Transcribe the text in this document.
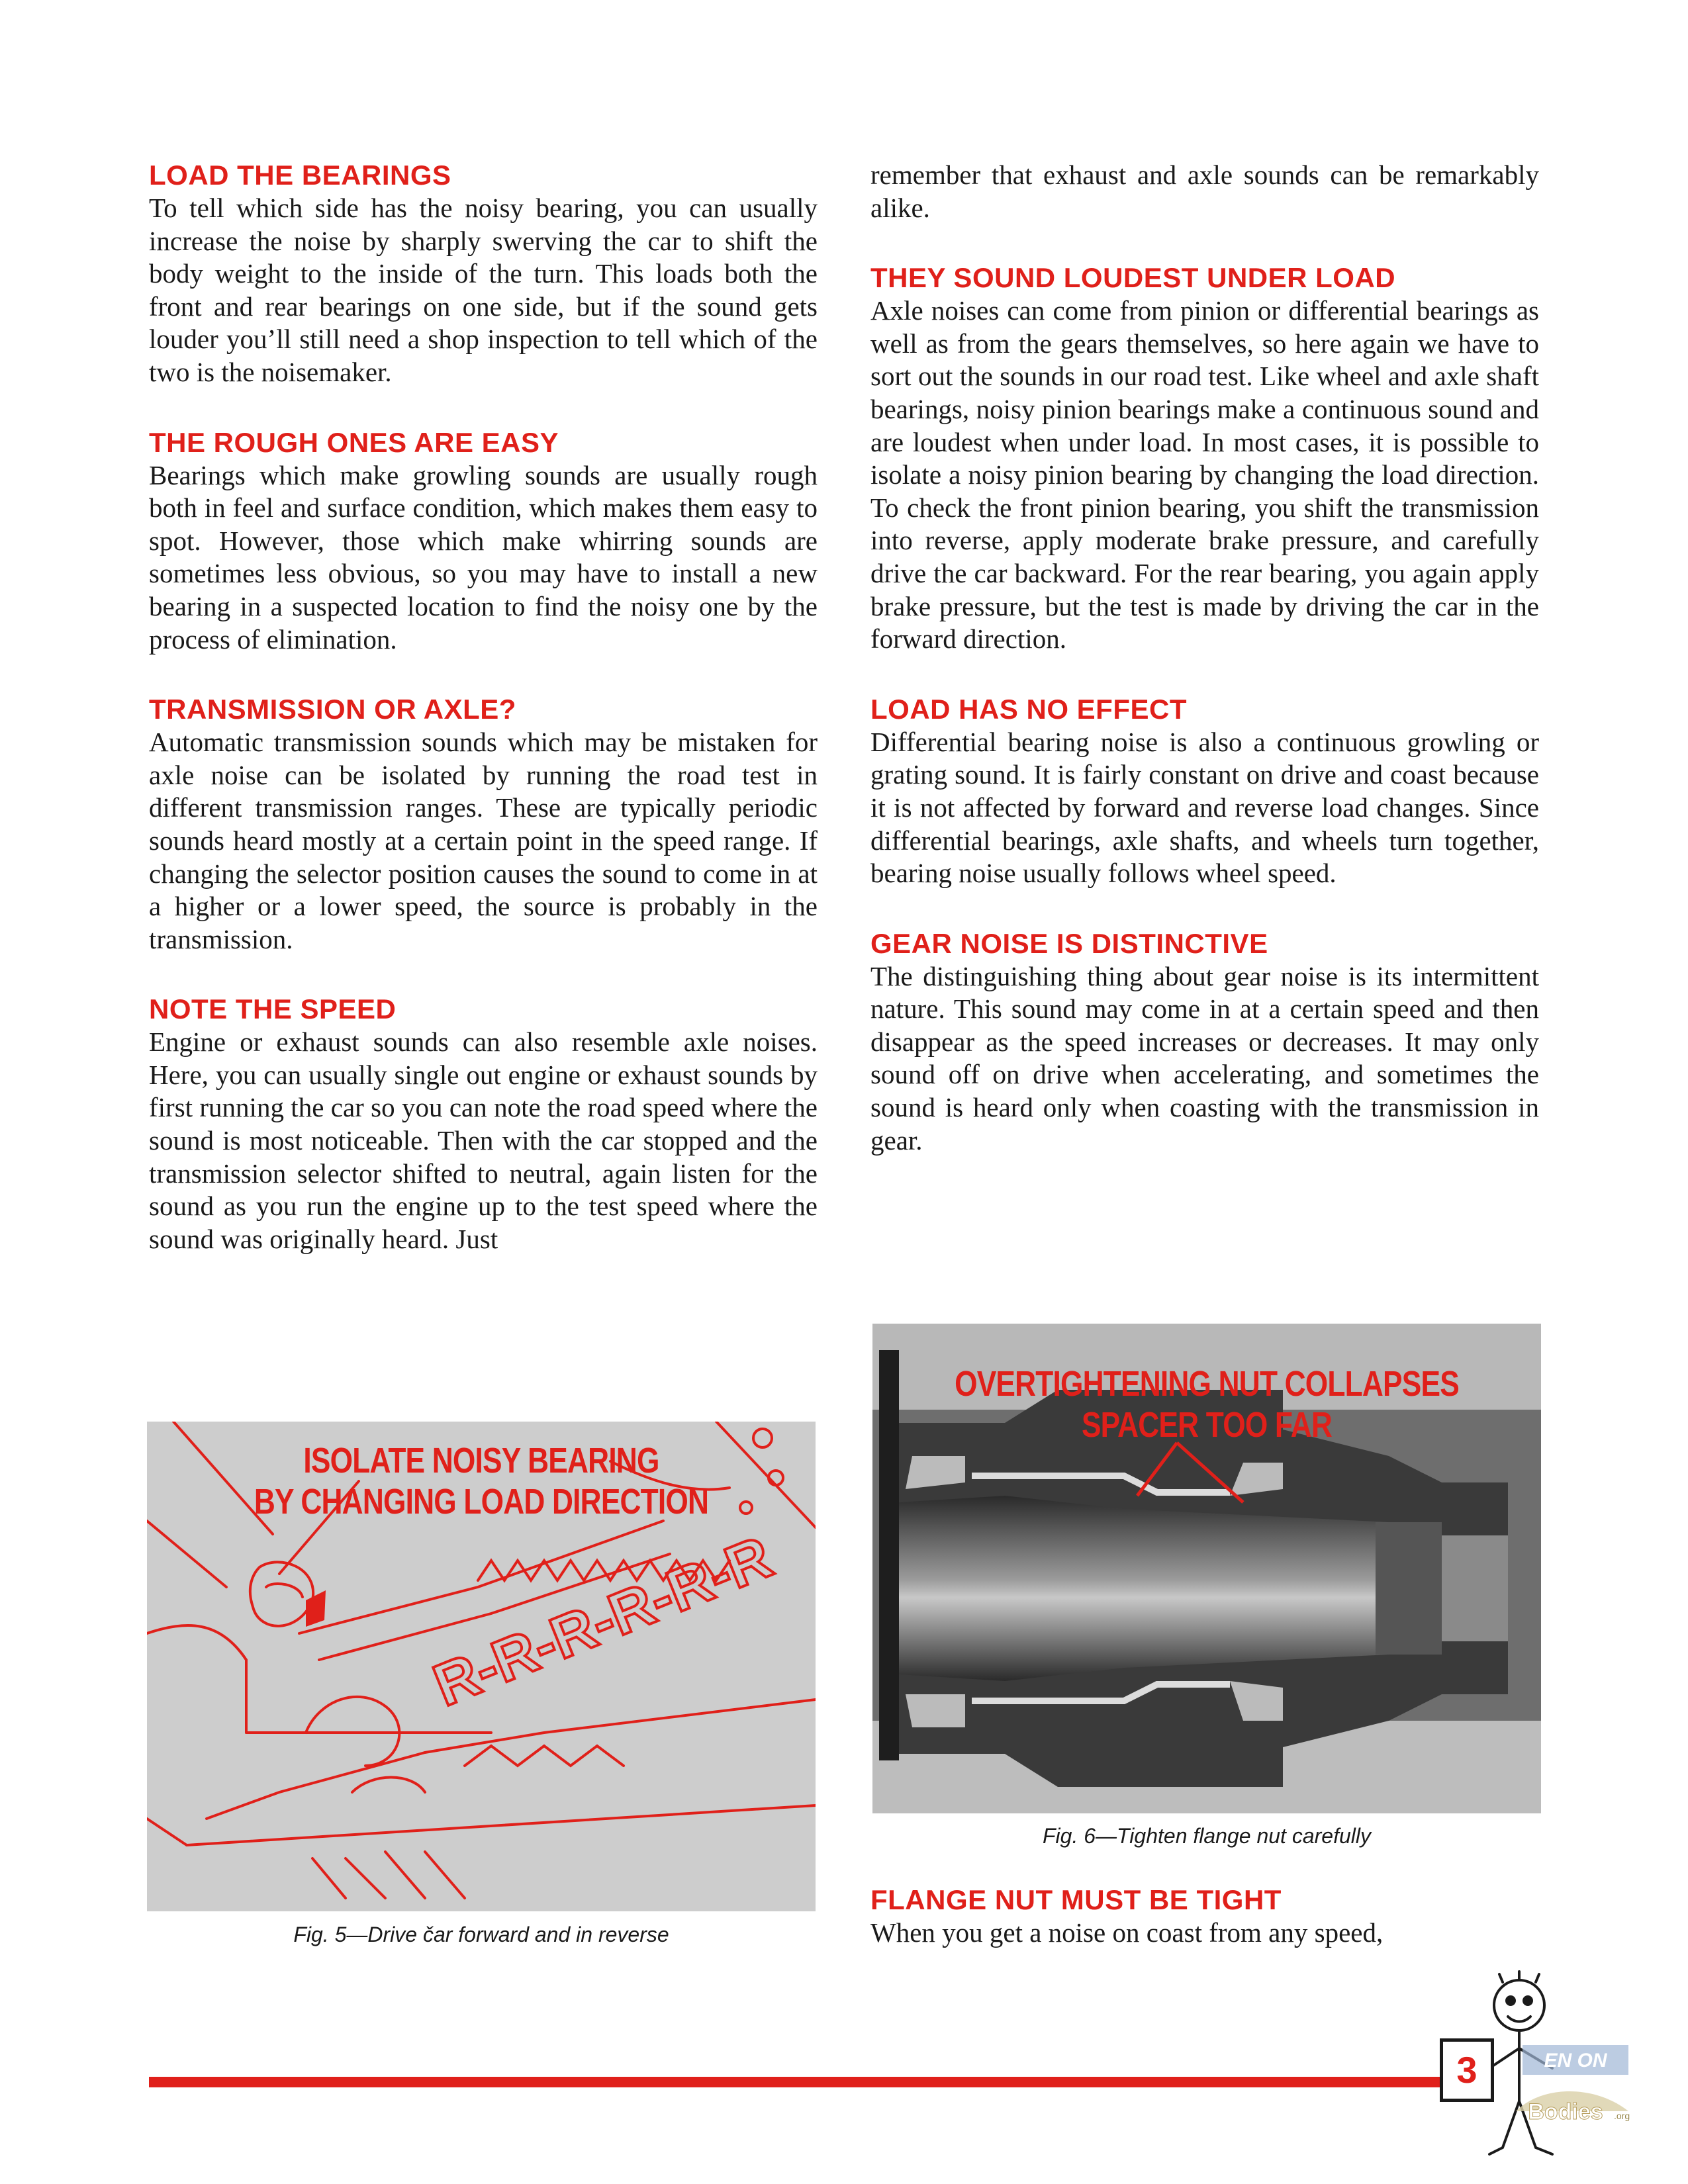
LOAD THE BEARINGS

To tell which side has the noisy bearing, you can usually increase the noise by sharply swerving the car to shift the body weight to the inside of the turn. This loads both the front and rear bearings on one side, but if the sound gets louder you’ll still need a shop inspection to tell which of the two is the noisemaker.

THE ROUGH ONES ARE EASY

Bearings which make growling sounds are usually rough both in feel and surface condition, which makes them easy to spot. However, those which make whirring sounds are sometimes less obvious, so you may have to install a new bearing in a suspected location to find the noisy one by the process of elimination.

TRANSMISSION OR AXLE?

Automatic transmission sounds which may be mistaken for axle noise can be isolated by running the road test in different transmission ranges. These are typically periodic sounds heard mostly at a certain point in the speed range. If changing the selector position causes the sound to come in at a higher or a lower speed, the source is probably in the transmission.

NOTE THE SPEED

Engine or exhaust sounds can also resemble axle noises. Here, you can usually single out engine or exhaust sounds by first running the car so you can note the road speed where the sound is most noticeable. Then with the car stopped and the transmission selector shifted to neutral, again listen for the sound as you run the engine up to the test speed where the sound was originally heard. Just

remember that exhaust and axle sounds can be remarkably alike.

THEY SOUND LOUDEST UNDER LOAD

Axle noises can come from pinion or differential bearings as well as from the gears themselves, so here again we have to sort out the sounds in our road test. Like wheel and axle shaft bearings, noisy pinion bearings make a continuous sound and are loudest when under load. In most cases, it is possible to isolate a noisy pinion bearing by changing the load direction. To check the front pinion bearing, you shift the transmission into reverse, apply moderate brake pressure, and carefully drive the car backward. For the rear bearing, you again apply brake pressure, but the test is made by driving the car in the forward direction.

LOAD HAS NO EFFECT

Differential bearing noise is also a continuous growling or grating sound. It is fairly constant on drive and coast because it is not affected by forward and reverse load changes. Since differential bearings, axle shafts, and wheels turn together, bearing noise usually follows wheel speed.

GEAR NOISE IS DISTINCTIVE

The distinguishing thing about gear noise is its intermittent nature. This sound may come in at a certain speed and then disappear as the speed increases or decreases. It may only sound off on drive when accelerating, and sometimes the sound is heard only when coasting with the transmission in gear.

FLANGE NUT MUST BE TIGHT

When you get a noise on coast from any speed,

R-R-R-R-R-R
ISOLATE NOISY BEARING
BY CHANGING LOAD DIRECTION
Fig. 5—Drive čar forward and in reverse
OVERTIGHTENING NUT COLLAPSES
SPACER TOO FAR
Fig. 6—Tighten flange nut carefully
3	EN ON
Bodies .org
